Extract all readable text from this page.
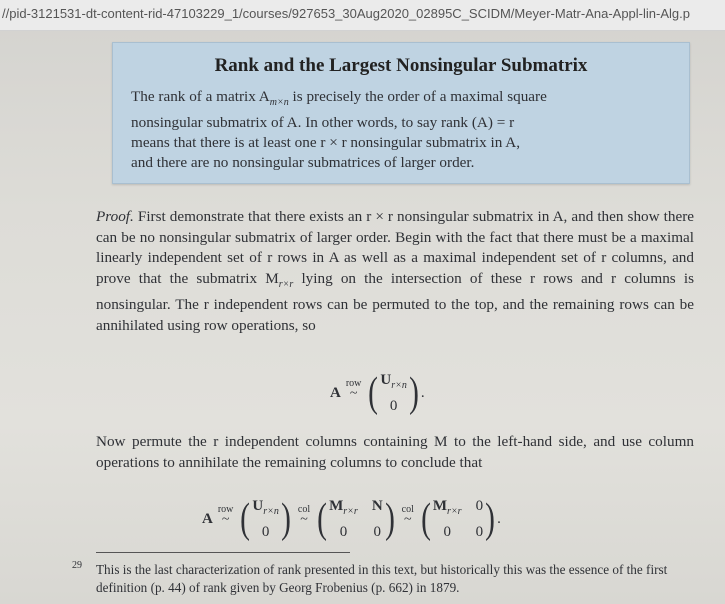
//pid-3121531-dt-content-rid-47103229_1/courses/927653_30Aug2020_02895C_SCIDM/Meyer-Matr-Ana-Appl-lin-Alg.p
Rank and the Largest Nonsingular Submatrix
The rank of a matrix $A_{m\times n}$ is precisely the order of a maximal square
nonsingular submatrix of A. In other words, to say rank (A) = r
means that there is at least one r × r nonsingular submatrix in A,
and there are no nonsingular submatrices of larger order.
Proof. First demonstrate that there exists an r × r nonsingular submatrix in A, and then show there can be no nonsingular submatrix of larger order. Begin with the fact that there must be a maximal linearly independent set of r rows in A as well as a maximal independent set of r columns, and prove that the submatrix $M_{r\times r}$ lying on the intersection of these r rows and r columns is nonsingular. The r independent rows can be permuted to the top, and the remaining rows can be annihilated using row operations, so
A
row
~ ( $U_{r\times n}$
0 ) .
Now permute the r independent columns containing M to the left-hand side, and use column operations to annihilate the remaining columns to conclude that
A
row
~ ( $U_{r\times n}$
0 ) col
~ ( $M_{r\times r}$ N
0	0 ) col
~ ( $M_{r\times r}$ 0
0	0 ) .
29 This is the last characterization of rank presented in this text, but historically this was the essence of the first definition (p. 44) of rank given by Georg Frobenius (p. 662) in 1879.
